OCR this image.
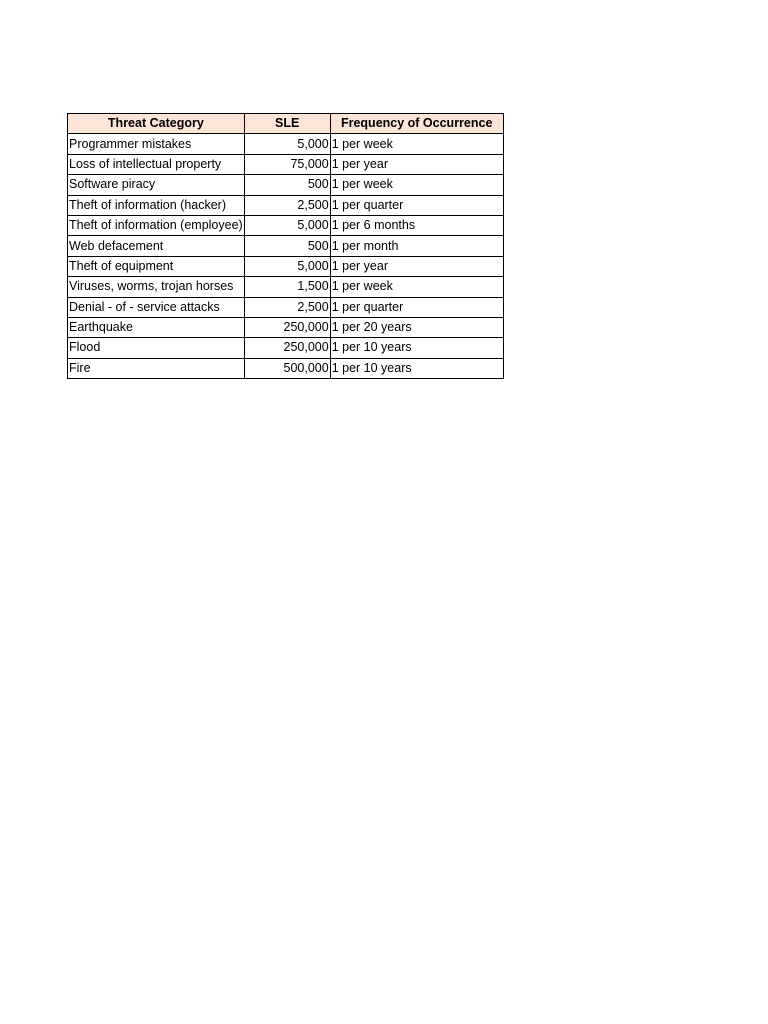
Threat Category	SLE	Frequency of Occurrence
Programmer mistakes	5,000	1 per week
Loss of intellectual property	75,000	1 per year
Software piracy	500	1 per week
Theft of information (hacker)	2,500	1 per quarter
Theft of information (employee)	5,000	1 per 6 months
Web defacement	500	1 per month
Theft of equipment	5,000	1 per year
Viruses, worms, trojan horses	1,500	1 per week
Denial - of - service attacks	2,500	1 per quarter
Earthquake	250,000	1 per 20 years
Flood	250,000	1 per 10 years
Fire	500,000	1 per 10 years
